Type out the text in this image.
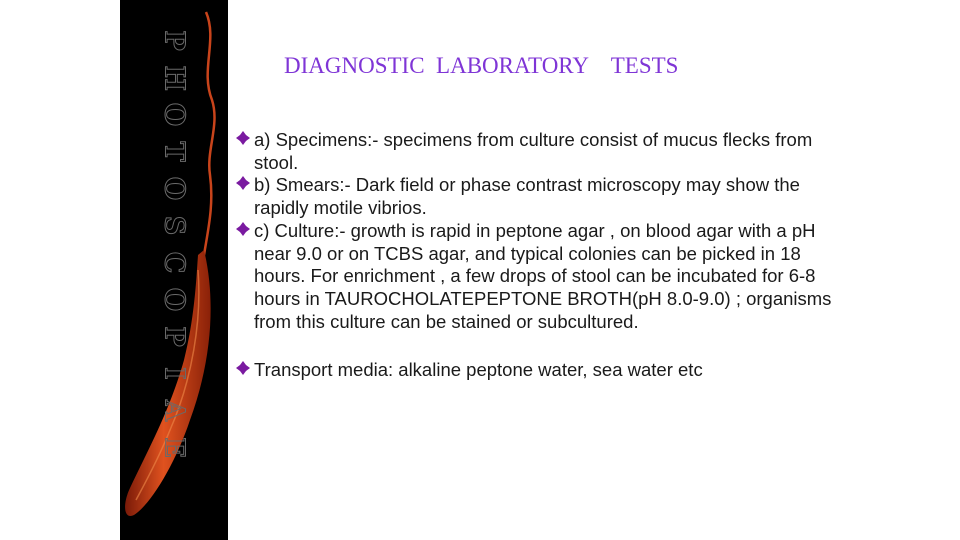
P
H
O
T
O
S
C
O
P
I
A
E
DIAGNOSTIC  LABORATORY    TESTS

a) Specimens:- specimens from culture consist of mucus flecks from stool.

b) Smears:- Dark field or phase contrast microscopy may show the rapidly motile vibrios.

c) Culture:- growth is rapid in peptone agar , on blood agar with a pH near 9.0 or on TCBS agar, and typical colonies can be picked in 18 hours. For enrichment , a few drops of stool can be incubated for 6-8 hours in TAUROCHOLATEPEPTONE BROTH(pH 8.0-9.0) ; organisms from this culture can be stained or subcultured.

Transport media: alkaline peptone water, sea water etc
